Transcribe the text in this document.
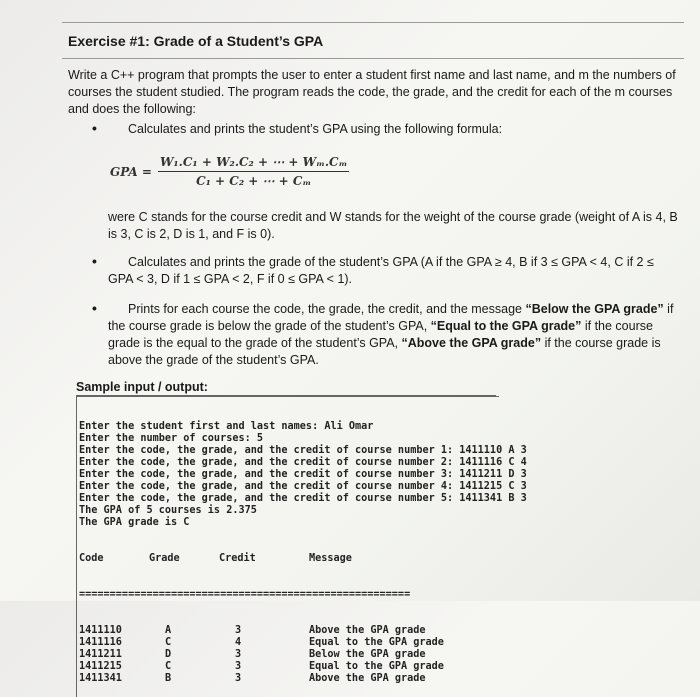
Exercise #1: Grade of a Student’s GPA
Write a C++ program that prompts the user to enter a student first name and last name, and m the numbers of courses the student studied. The program reads the code, the grade, and the credit for each of the m courses and does the following:
• Calculates and prints the student’s GPA using the following formula:
GPA = $\frac{\text{W₁.C₁ + W₂.C₂ + ⋯ + Wₘ.Cₘ}}{\text{C₁ + C₂ + ⋯ + Cₘ}}$
were C stands for the course credit and W stands for the weight of the course grade (weight of A is 4, B is 3, C is 2, D is 1, and F is 0).
•	Calculates and prints the grade of the student’s GPA (A if the GPA ≥ 4, B if 3 ≤ GPA < 4, C if 2 ≤ GPA < 3, D if 1 ≤ GPA < 2, F if 0 ≤ GPA < 1).
•	Prints for each course the code, the grade, the credit, and the message “Below the GPA grade” if the course grade is below the grade of the student’s GPA, “Equal to the GPA grade” if the course grade is the equal to the grade of the student’s GPA, “Above the GPA grade” if the course grade is above the grade of the student’s GPA.
Sample input / output:

Enter the student first and last names: Ali Omar
Enter the number of courses: 5
Enter the code, the grade, and the credit of course number 1: 1411110 A 3
Enter the code, the grade, and the credit of course number 2: 1411116 C 4
Enter the code, the grade, and the credit of course number 3: 1411211 D 3
Enter the code, the grade, and the credit of course number 4: 1411215 C 3
Enter the code, the grade, and the credit of course number 5: 1411341 B 3
The GPA of 5 courses is 2.375
The GPA grade is C

Code	Grade	Credit	Message

======================================================

1411110	A	3	Above the GPA grade
1411116	C	4	Equal to the GPA grade
1411211	D	3	Below the GPA grade
1411215	C	3	Equal to the GPA grade
1411341	B	3	Above the GPA grade
